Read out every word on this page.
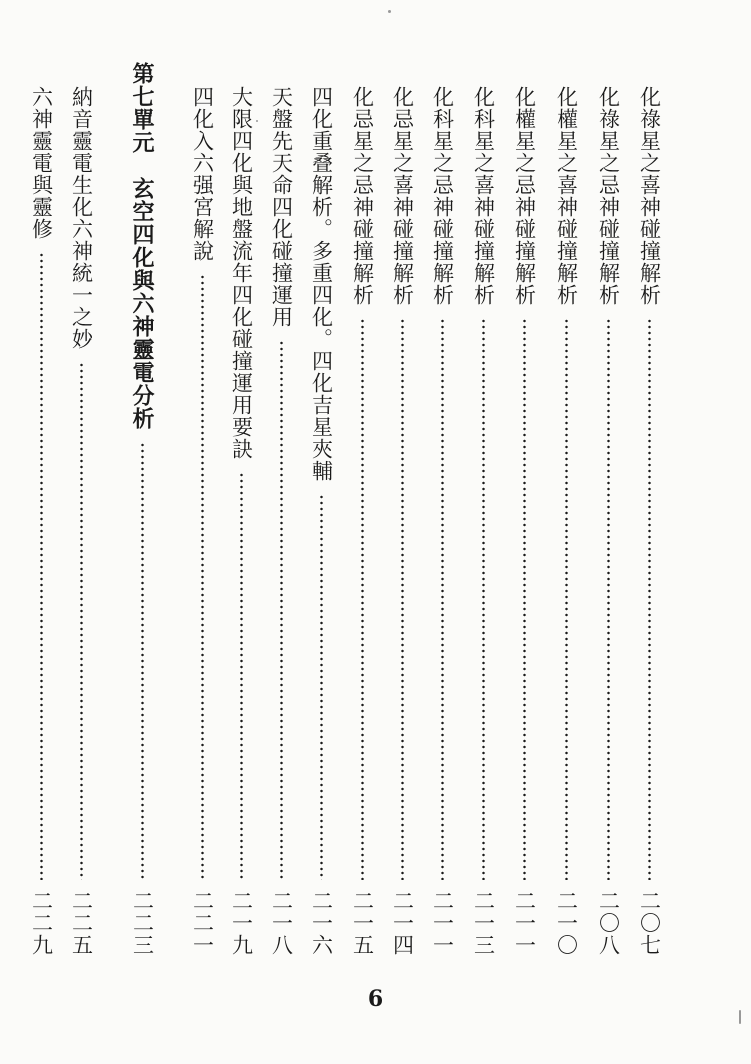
化祿星之喜神碰撞解析
二〇七
化祿星之忌神碰撞解析
二〇八
化權星之喜神碰撞解析
二一〇
化權星之忌神碰撞解析
二一一
化科星之喜神碰撞解析
二一三
化科星之忌神碰撞解析
二一一
化忌星之喜神碰撞解析
二一四
化忌星之忌神碰撞解析
二一五
四化重叠解析。多重四化。四化吉星夾輔
二一六
天盤先天命四化碰撞運用
二一八
大限四化與地盤流年四化碰撞運用要訣
二一九
四化入六强宮解說
二二一
第七單元　玄空四化與六神靈電分析
二二三
納音靈電生化六神統一之妙
二二五
六神靈電與靈修
二二九
6
